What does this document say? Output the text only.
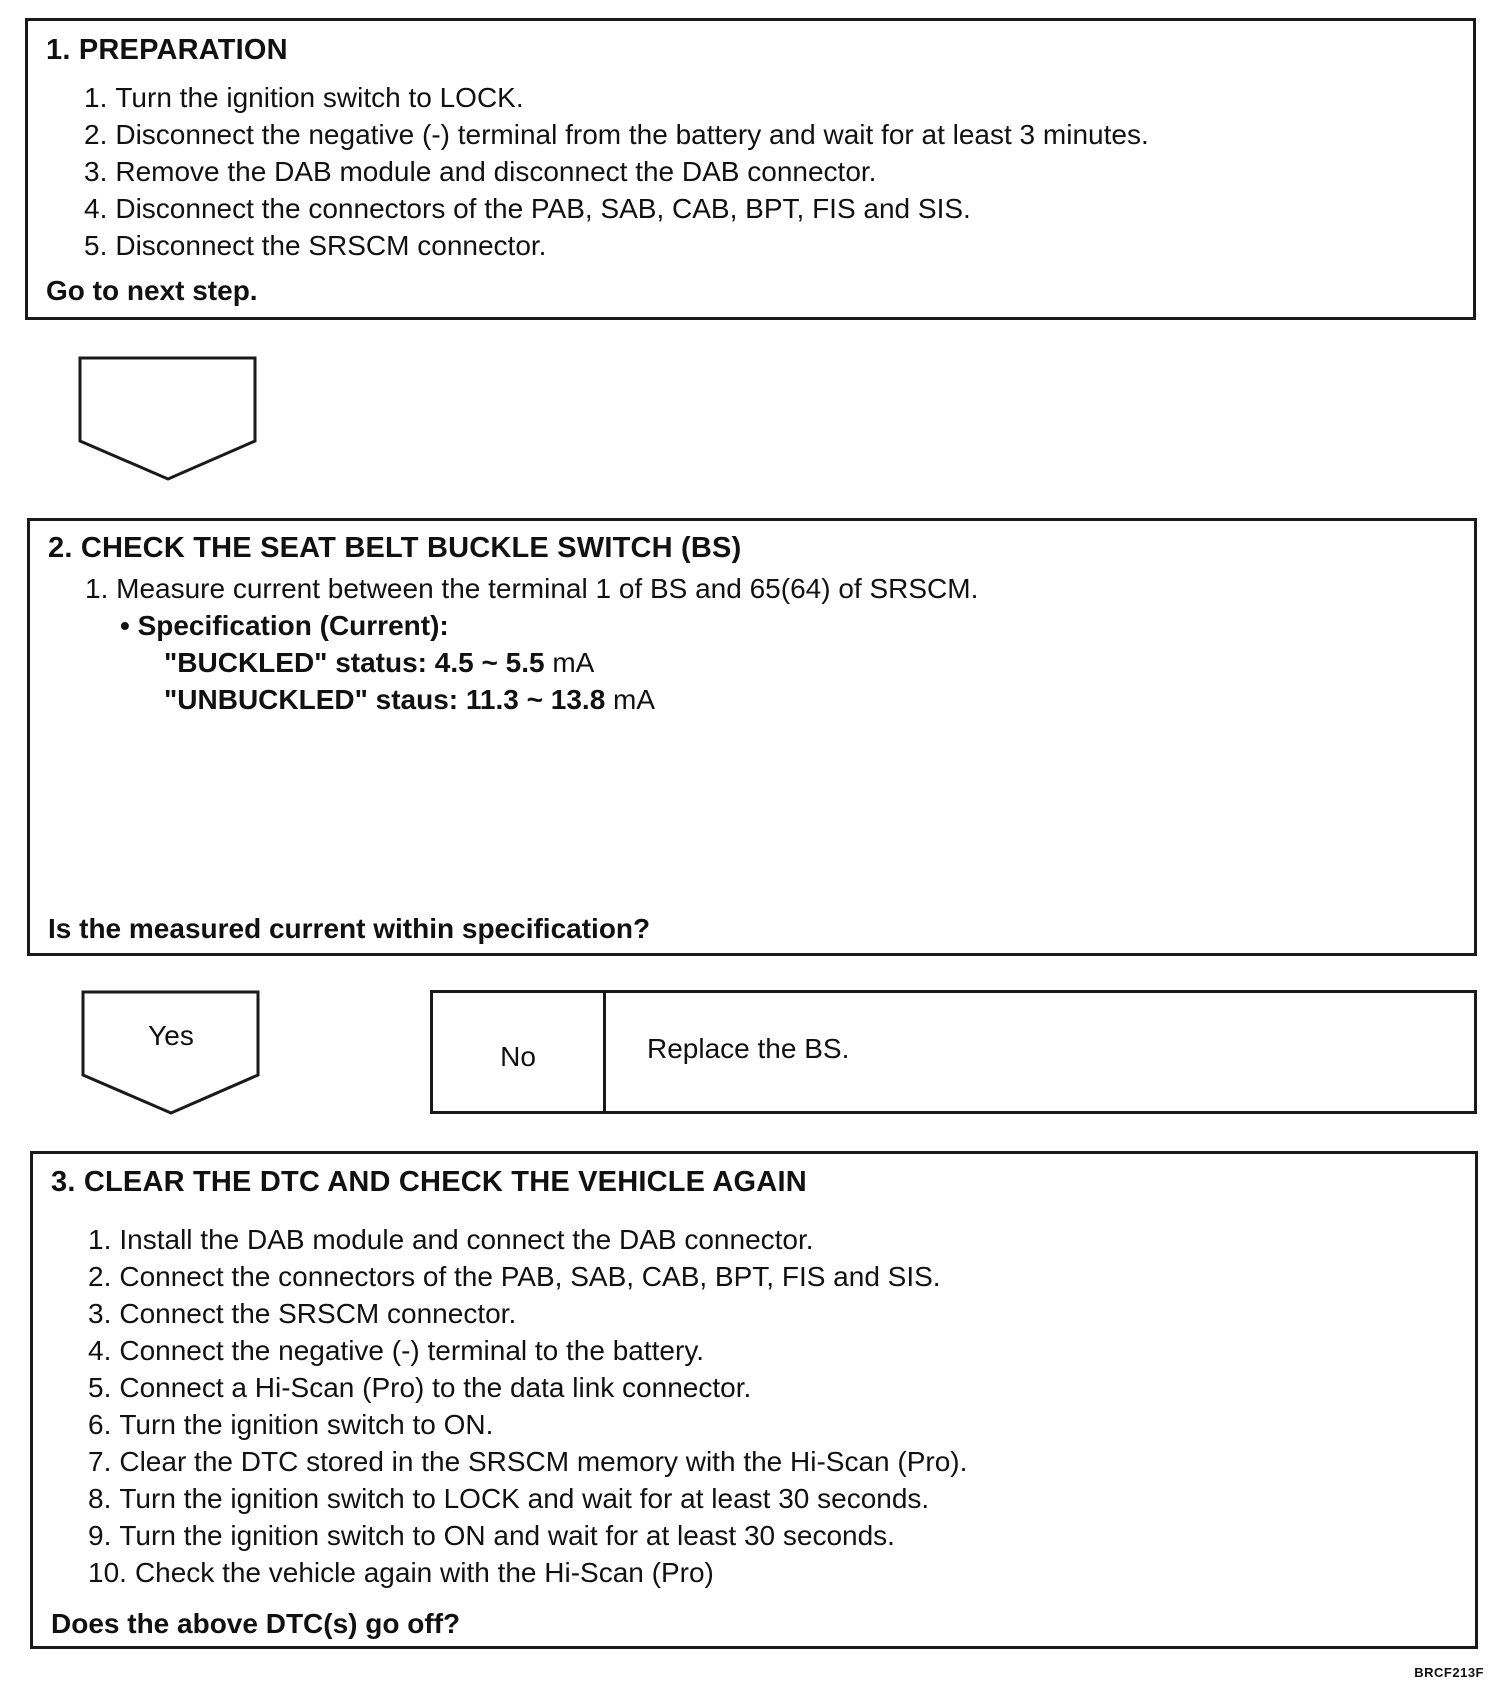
1. PREPARATION
1. Turn the ignition switch to LOCK.
2. Disconnect the negative (-) terminal from the battery and wait for at least 3 minutes.
3. Remove the DAB module and disconnect the DAB connector.
4. Disconnect the connectors of the PAB, SAB, CAB, BPT, FIS and SIS.
5. Disconnect the SRSCM connector.
Go to next step.
2. CHECK THE SEAT BELT BUCKLE SWITCH (BS)
1. Measure current between the terminal 1 of BS and 65(64) of SRSCM.
• Specification (Current):
"BUCKLED" status: 4.5 ~ 5.5 mA
"UNBUCKLED" staus: 11.3 ~ 13.8 mA
Is the measured current within specification?
Yes
No	Replace the BS.
3. CLEAR THE DTC AND CHECK THE VEHICLE AGAIN
1. Install the DAB module and connect the DAB connector.
2. Connect the connectors of the PAB, SAB, CAB, BPT, FIS and SIS.
3. Connect the SRSCM connector.
4. Connect the negative (-) terminal to the battery.
5. Connect a Hi-Scan (Pro) to the data link connector.
6. Turn the ignition switch to ON.
7. Clear the DTC stored in the SRSCM memory with the Hi-Scan (Pro).
8. Turn the ignition switch to LOCK and wait for at least 30 seconds.
9. Turn the ignition switch to ON and wait for at least 30 seconds.
10. Check the vehicle again with the Hi-Scan (Pro)
Does the above DTC(s) go off?
BRCF213F
